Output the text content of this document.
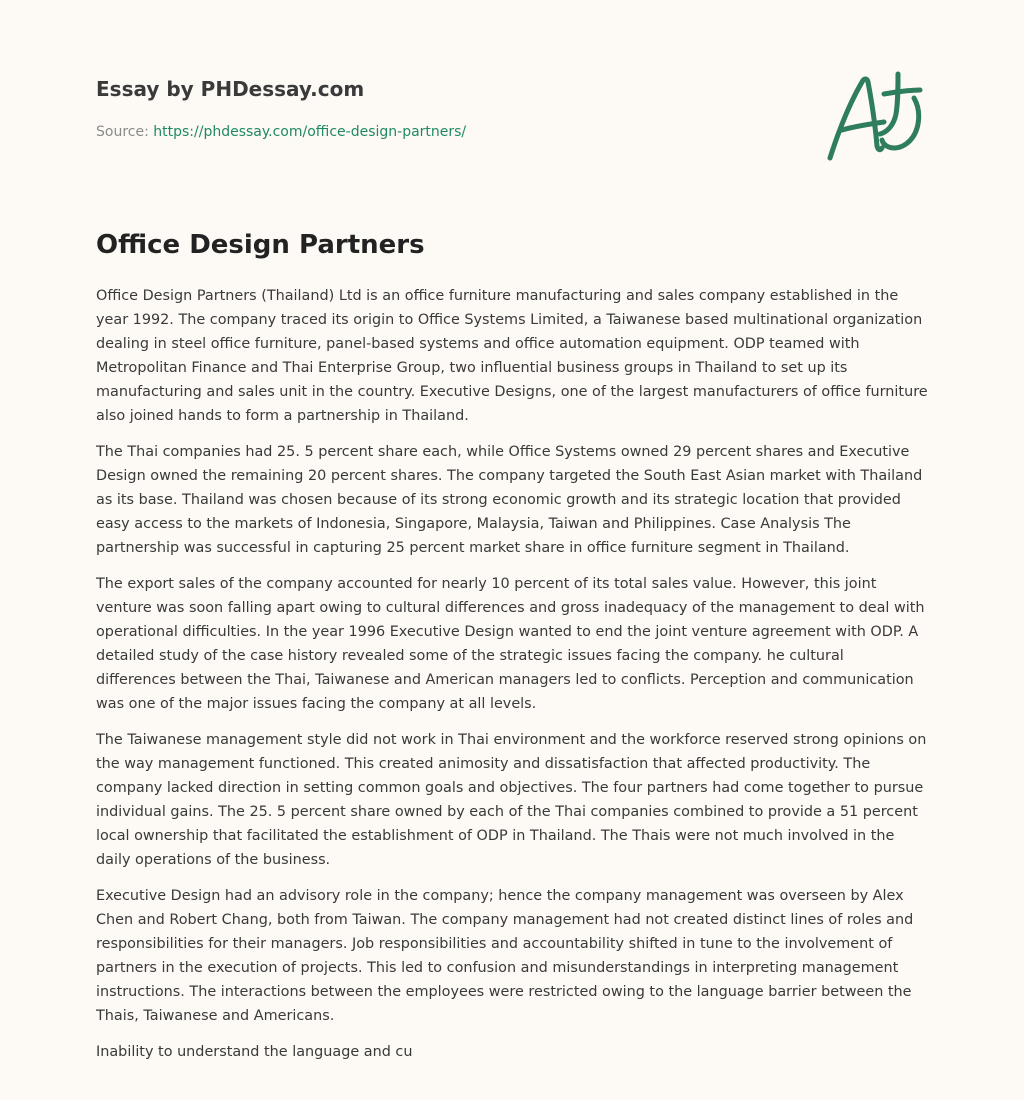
Essay by PHDessay.com
Source: https://phdessay.com/office-design-partners/
Office Design Partners

Office Design Partners (Thailand) Ltd is an office furniture manufacturing and sales company established in the year 1992. The company traced its origin to Office Systems Limited, a Taiwanese based multinational organization dealing in steel office furniture, panel-based systems and office automation equipment. ODP teamed with Metropolitan Finance and Thai Enterprise Group, two influential business groups in Thailand to set up its manufacturing and sales unit in the country. Executive Designs, one of the largest manufacturers of office furniture also joined hands to form a partnership in Thailand.

The Thai companies had 25. 5 percent share each, while Office Systems owned 29 percent shares and Executive Design owned the remaining 20 percent shares. The company targeted the South East Asian market with Thailand as its base. Thailand was chosen because of its strong economic growth and its strategic location that provided easy access to the markets of Indonesia, Singapore, Malaysia, Taiwan and Philippines. Case Analysis The partnership was successful in capturing 25 percent market share in office furniture segment in Thailand.

The export sales of the company accounted for nearly 10 percent of its total sales value. However, this joint venture was soon falling apart owing to cultural differences and gross inadequacy of the management to deal with operational difficulties. In the year 1996 Executive Design wanted to end the joint venture agreement with ODP. A detailed study of the case history revealed some of the strategic issues facing the company. he cultural differences between the Thai, Taiwanese and American managers led to conflicts. Perception and communication was one of the major issues facing the company at all levels.

The Taiwanese management style did not work in Thai environment and the workforce reserved strong opinions on the way management functioned. This created animosity and dissatisfaction that affected productivity. The company lacked direction in setting common goals and objectives. The four partners had come together to pursue individual gains. The 25. 5 percent share owned by each of the Thai companies combined to provide a 51 percent local ownership that facilitated the establishment of ODP in Thailand. The Thais were not much involved in the daily operations of the business.

Executive Design had an advisory role in the company; hence the company management was overseen by Alex Chen and Robert Chang, both from Taiwan. The company management had not created distinct lines of roles and responsibilities for their managers. Job responsibilities and accountability shifted in tune to the involvement of partners in the execution of projects. This led to confusion and misunderstandings in interpreting management instructions. The interactions between the employees were restricted owing to the language barrier between the Thais, Taiwanese and Americans.

Inability to understand the language and cu
